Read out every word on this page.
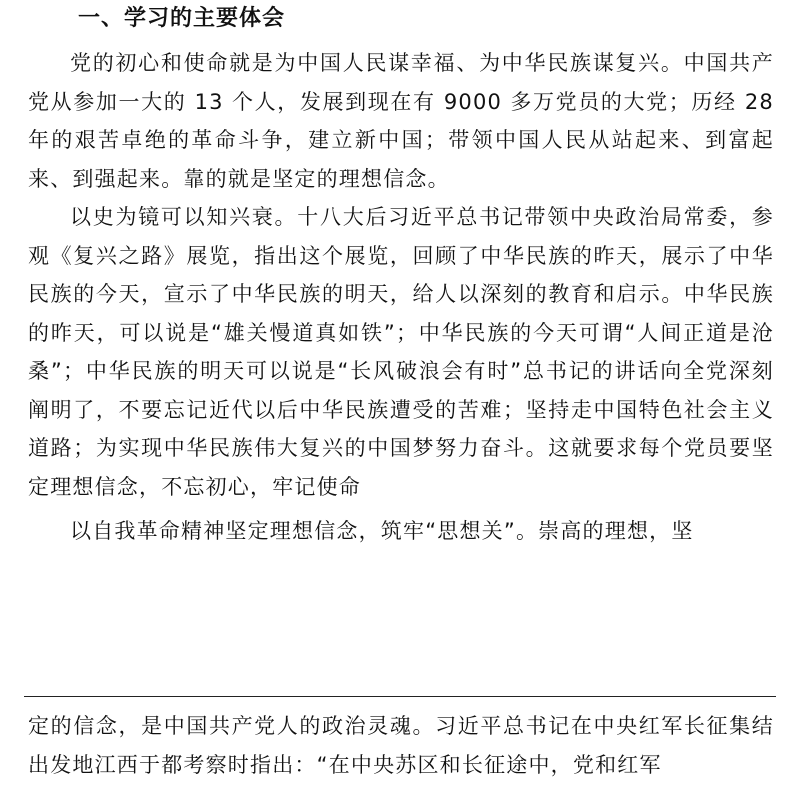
一、学习的主要体会

党的初心和使命就是为中国人民谋幸福、为中华民族谋复兴。中国共产党从参加一大的 13 个人，发展到现在有 9000 多万党员的大党；历经 28 年的艰苦卓绝的革命斗争，建立新中国；带领中国人民从站起来、到富起来、到强起来。靠的就是坚定的理想信念。

以史为镜可以知兴衰。十八大后习近平总书记带领中央政治局常委，参观《复兴之路》展览，指出这个展览，回顾了中华民族的昨天，展示了中华民族的今天，宣示了中华民族的明天，给人以深刻的教育和启示。中华民族的昨天，可以说是“雄关慢道真如铁”；中华民族的今天可谓“人间正道是沧桑”；中华民族的明天可以说是“长风破浪会有时”总书记的讲话向全党深刻阐明了，不要忘记近代以后中华民族遭受的苦难；坚持走中国特色社会主义道路；为实现中华民族伟大复兴的中国梦努力奋斗。这就要求每个党员要坚定理想信念，不忘初心，牢记使命

以自我革命精神坚定理想信念，筑牢“思想关”。崇高的理想，坚

定的信念，是中国共产党人的政治灵魂。习近平总书记在中央红军长征集结出发地江西于都考察时指出：“在中央苏区和长征途中，党和红军
